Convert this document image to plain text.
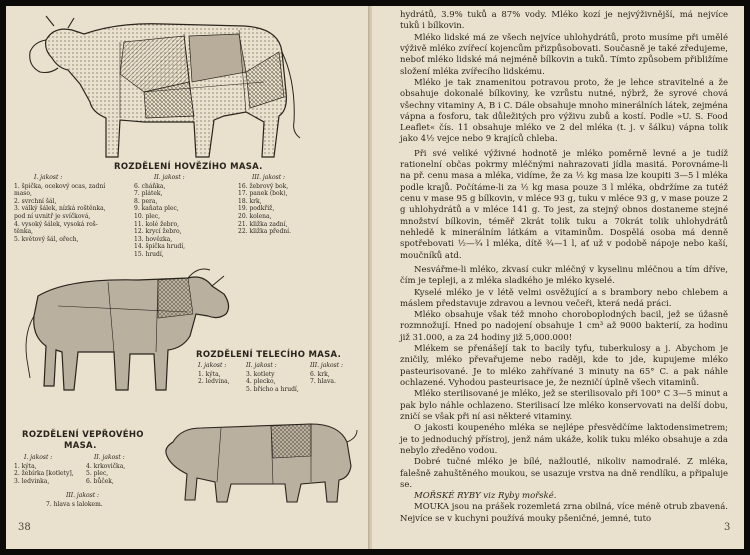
ROZDĚLENÍ HOVĚZÍHO MASA.
I. jakost :
1. špička, ocekový ocas, zadní
maso,
2. svrchní šál,
3. válký šálek, nízká roštěnka,
pod ní uvnitř je svíčková,
4. vysoký šálek, vysoká roš-
těnka,
5. květový šál, ořech,
II. jakost :
6. cháňka,
7. plátek,
8. pera,
9. kaňata plec,
10. plec,
11. kolé žebro,
12. krycí žebro,
13. hovězka,
14. špička hrudí,
15. hrudí,
III. jakost :
16. žebrový bok,
17. panek (bok),
18. krk,
19. podkřiž,
20. kolena,
21. kližka zadní,
22. kližka přední.
ROZDĚLENÍ TELECÍHO MASA.
I. jakost :
1. kýta,
2. ledvina,
II. jakost :
3. kotlety
4. plecko,
5. břicho a hrudí,
III. jakost :
6. krk,
7. hlava.
ROZDĚLENÍ VEPŘOVÉHO
MASA.
I. jakost :
1. kýta,
2. žebírka [kotlety],
3. ledvinka,
II. jakost :
4. krkovička,
5. plec,
6. bůček,
III. jakost :
7. hlava s lalokem.
38

hydrátů, 3.9% tuků a 87% vody. Mléko kozí je nejvýživnější, má nejvíce tuků i bílkovin.

Mléko lidské má ze všech nejvíce uhlohydrátů, proto musíme při umělé výživě mléko zvířecí kojencům přizpůsobovati. Současně je také zředujeme, neboť mléko lidské má nejméně bílkovin a tuků. Tímto způsobem přibližíme složení mléka zvířecího lidskému.

Mléko je tak znamenitou potravou proto, že je lehce stravitelné a že obsahuje dokonalé bílkoviny, ke vzrůstu nutné, nýbrž, že syrové chová všechny vitaminy A, B i C. Dále obsahuje mnoho minerálních látek, zejména vápna a fosforu, tak důležitých pro výživu zubů a kostí. Podle »U. S. Food Leaflet« čís. 11 obsahuje mléko ve 2 del mléka (t. j. v šálku) vápna tolik jako 4½ vejce nebo 9 krajíců chleba.

Při své veliké výživné hodnotě je mléko poměrně levné a je tudíž rationelní občas pokrmy mléčnými nahrazovati jídla masitá. Porovnáme-li na př. cenu masa a mléka, vidíme, že za ½ kg masa lze koupiti 3—5 l mléka podle krajů. Počítáme-li za ½ kg masa pouze 3 l mléka, obdržíme za tutéž cenu v mase 95 g bílkovin, v mléce 93 g, tuku v mléce 93 g, v mase pouze 2 g uhlohydrátů a v mléce 141 g. To jest, za stejný obnos dostaneme stejné množství bílkovin, téměř 2krát tolik tuku a 70krát tolik uhlohydrátů nehledě k minerálním látkám a vitaminům. Dospělá osoba má denně spotřebovati ½—¾ l mléka, dítě ¾—1 l, ať už v podobě nápoje nebo kaší, moučníků atd.

Nesvářme-li mléko, zkvasí cukr mléčný v kyselinu mléčnou a tím dříve, čím je tepleji, a z mléka sladkého je mléko kyselé.

Kyselé mléko je v létě velmi osvěžující a s brambory nebo chlebem a máslem představuje zdravou a levnou večeři, která nedá práci.

Mléko obsahuje však též mnoho choroboplodných bacil, jež se úžasně rozmnožují. Hned po nadojení obsahuje 1 cm³ až 9000 bakterií, za hodinu již 31.000, a za 24 hodiny již 5,000.000!

Mlékem se přenášejí tak to bacily tyfu, tuberkulosy a j. Abychom je zničily, mléko převařujeme nebo raději, kde to jde, kupujeme mléko pasteurisované. Je to mléko zahřívané 3 minuty na 65° C. a pak náhle ochlazené. Vyhodou pasteurisace je, že nezničí úplně všech vitaminů.

Mléko sterilisované je mléko, jež se sterilisovalo při 100° C 3—5 minut a pak bylo náhle ochlazeno. Sterilisací lze mléko konservovati na delší dobu, zničí se však při ní asi některé vitaminy.

O jakosti koupeného mléka se nejlépe přesvědčíme laktodensimetrem; je to jednoduchý přístroj, jenž nám ukáže, kolik tuku mléko obsahuje a zda nebylo zředěno vodou.

Dobré tučné mléko je bílé, nažloutlé, nikoliv namodralé. Z mléka, falešně zahuštěného moukou, se usazuje vrstva na dně rendlíku, a připaluje se.

MOŘSKÉ RYBY viz Ryby mořské.

MOUKA jsou na prášek rozemletá zrna obilná, více méně otrub zbavená. Nejvíce se v kuchyni používá mouky pšeničné, jemné, tuto

3
